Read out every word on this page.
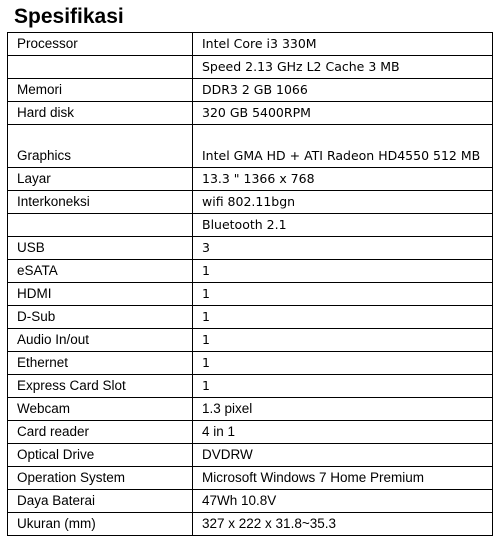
Spesifikasi
Processor	Intel Core i3 330M
	Speed 2.13 GHz L2 Cache 3 MB
Memori	DDR3 2 GB 1066
Hard disk	320 GB 5400RPM
Graphics	Intel GMA HD + ATI Radeon HD4550 512 MB
Layar	13.3 " 1366 x 768
Interkoneksi	wifi 802.11bgn
	Bluetooth 2.1
USB	3
eSATA	1
HDMI	1
D-Sub	1
Audio In/out	1
Ethernet	1
Express Card Slot	1
Webcam	1.3 pixel
Card reader	4 in 1
Optical Drive	DVDRW
Operation System	Microsoft Windows 7 Home Premium
Daya Baterai	47Wh 10.8V
Ukuran (mm)	327 x 222 x 31.8~35.3
